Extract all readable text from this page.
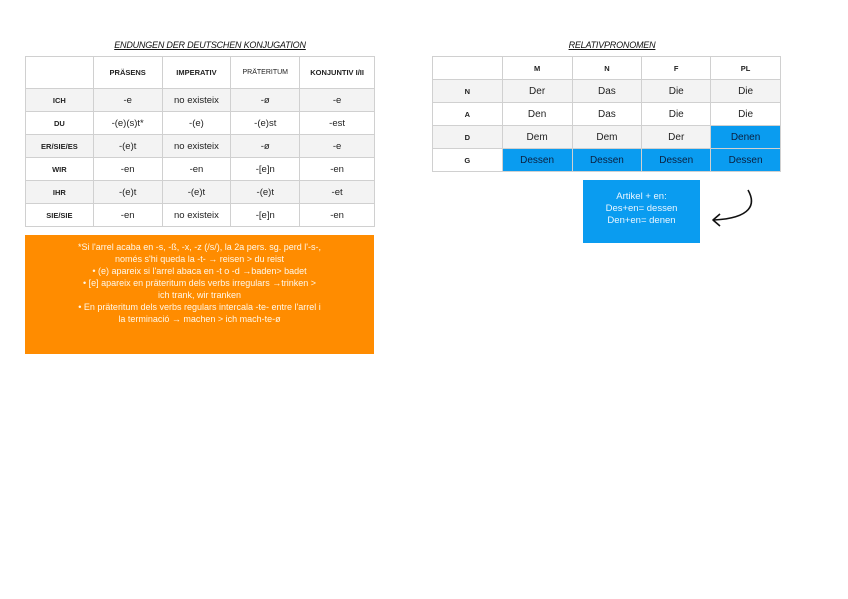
ENDUNGEN DER DEUTSCHEN KONJUGATION
	PRÄSENS	IMPERATIV	PRÄTERITUM	KONJUNTIV I/II
ICH	-e	no existeix	-ø	-e
DU	-(e)(s)t*	-(e)	-(e)st	-est
ER/SIE/ES	-(e)t	no existeix	-ø	-e
WIR	-en	-en	-[e]n	-en
IHR	-(e)t	-(e)t	-(e)t	-et
SIE/SIE	-en	no existeix	-[e]n	-en
*Si l'arrel acaba en -s, -ß, -x, -z (/s/), la 2a pers. sg. perd l'-s-,
només s'hi queda la -t- → reisen > du reist
• (e) apareix si l'arrel abaca en -t o -d →baden> badet
• [e] apareix en präteritum dels verbs irregulars →trinken >
ich trank, wir tranken
• En präteritum dels verbs regulars intercala -te- entre l'arrel i
la terminació → machen > ich mach-te-ø
RELATIVPRONOMEN
	M	N	F	PL
N	Der	Das	Die	Die
A	Den	Das	Die	Die
D	Dem	Dem	Der	Denen
G	Dessen	Dessen	Dessen	Dessen
Artikel + en:
Des+en= dessen
Den+en= denen
